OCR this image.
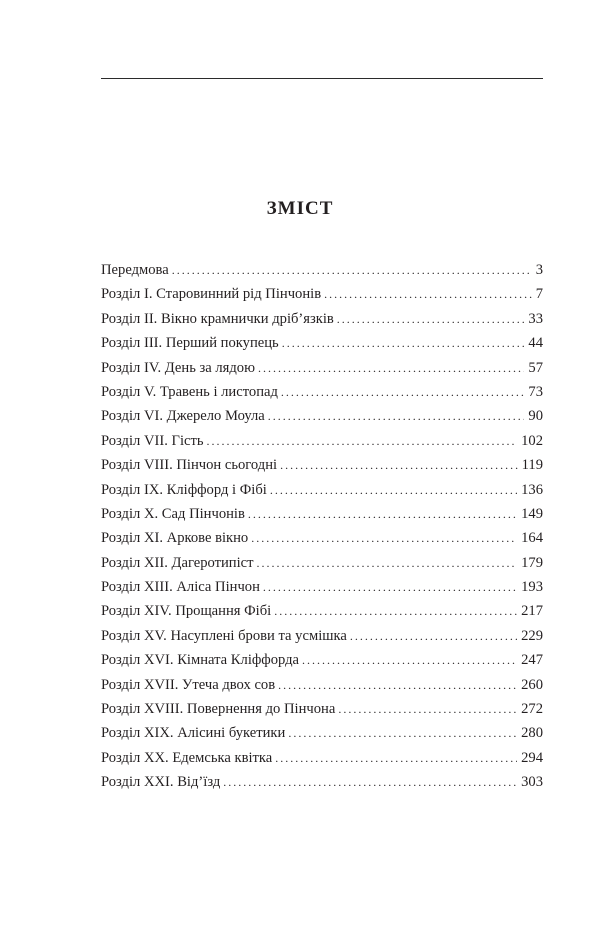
ЗМІСТ
Передмова . . .	3
Розділ I. Старовинний рід Пінчонів . . .	7
Розділ II. Вікно крамнички дріб’язків . . .	33
Розділ III. Перший покупець . . .	44
Розділ IV. День за лядою . . .	57
Розділ V. Травень і листопад . . .	73
Розділ VI. Джерело Моула . . .	90
Розділ VII. Гість . . .	102
Розділ VIII. Пінчон сьогодні . . .	119
Розділ IX. Кліффорд і Фібі . . .	136
Розділ X. Сад Пінчонів . . .	149
Розділ XI. Аркове вікно . . .	164
Розділ XII. Дагеротипіст . . .	179
Розділ XIII. Аліса Пінчон . . .	193
Розділ XIV. Прощання Фібі . . .	217
Розділ XV. Насуплені брови та усмішка . . .	229
Розділ XVI. Кімната Кліффорда . . .	247
Розділ XVII. Утеча двох сов . . .	260
Розділ XVIII. Повернення до Пінчона . . .	272
Розділ XIX. Алісині букетики . . .	280
Розділ XX. Едемська квітка . . .	294
Розділ XXI. Від’їзд . . .	303
